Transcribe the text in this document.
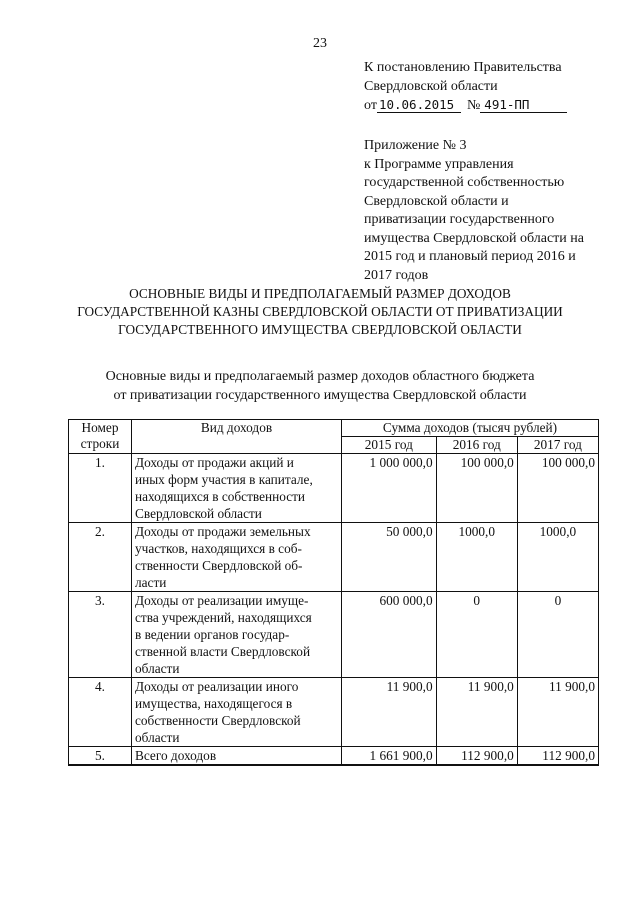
23
К постановлению Правительства
Свердловской области
от 10.06.2015 № 491-ПП
Приложение № 3
к Программе управления
государственной собственностью
Свердловской области и
приватизации государственного
имущества Свердловской области на
2015 год и плановый период 2016 и
2017 годов
ОСНОВНЫЕ ВИДЫ И ПРЕДПОЛАГАЕМЫЙ РАЗМЕР ДОХОДОВ
ГОСУДАРСТВЕННОЙ КАЗНЫ СВЕРДЛОВСКОЙ ОБЛАСТИ ОТ ПРИВАТИЗАЦИИ
ГОСУДАРСТВЕННОГО ИМУЩЕСТВА СВЕРДЛОВСКОЙ ОБЛАСТИ
Основные виды и предполагаемый размер доходов областного бюджета
от приватизации государственного имущества Свердловской области
Номер
строки	Вид доходов	Сумма доходов (тысяч рублей)		
		2015 год	2016 год	2017 год
1.	Доходы от продажи акций и
иных форм участия в капитале,
находящихся в собственности
Свердловской области	1 000 000,0	100 000,0	100 000,0
2.	Доходы от продажи земельных
участков, находящихся в соб-
ственности Свердловской об-
ласти	50 000,0	1000,0	1000,0
3.	Доходы от реализации имуще-
ства учреждений, находящихся
в ведении органов государ-
ственной власти Свердловской
области	600 000,0	0	0
4.	Доходы от реализации иного
имущества, находящегося в
собственности Свердловской
области	11 900,0	11 900,0	11 900,0
5.	Всего доходов	1 661 900,0	112 900,0	112 900,0
